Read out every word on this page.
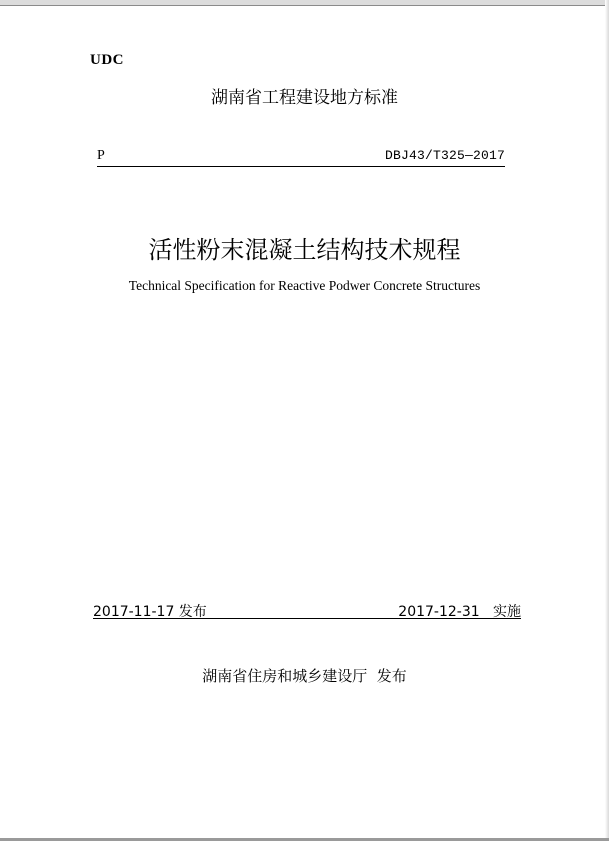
UDC
湖南省工程建设地方标准
P	DBJ43/T325—2017
活性粉末混凝土结构技术规程
Technical Specification for Reactive Podwer Concrete Structures
2017-11-17 发布	2017-12-31   实施
湖南省住房和城乡建设厅  发布
